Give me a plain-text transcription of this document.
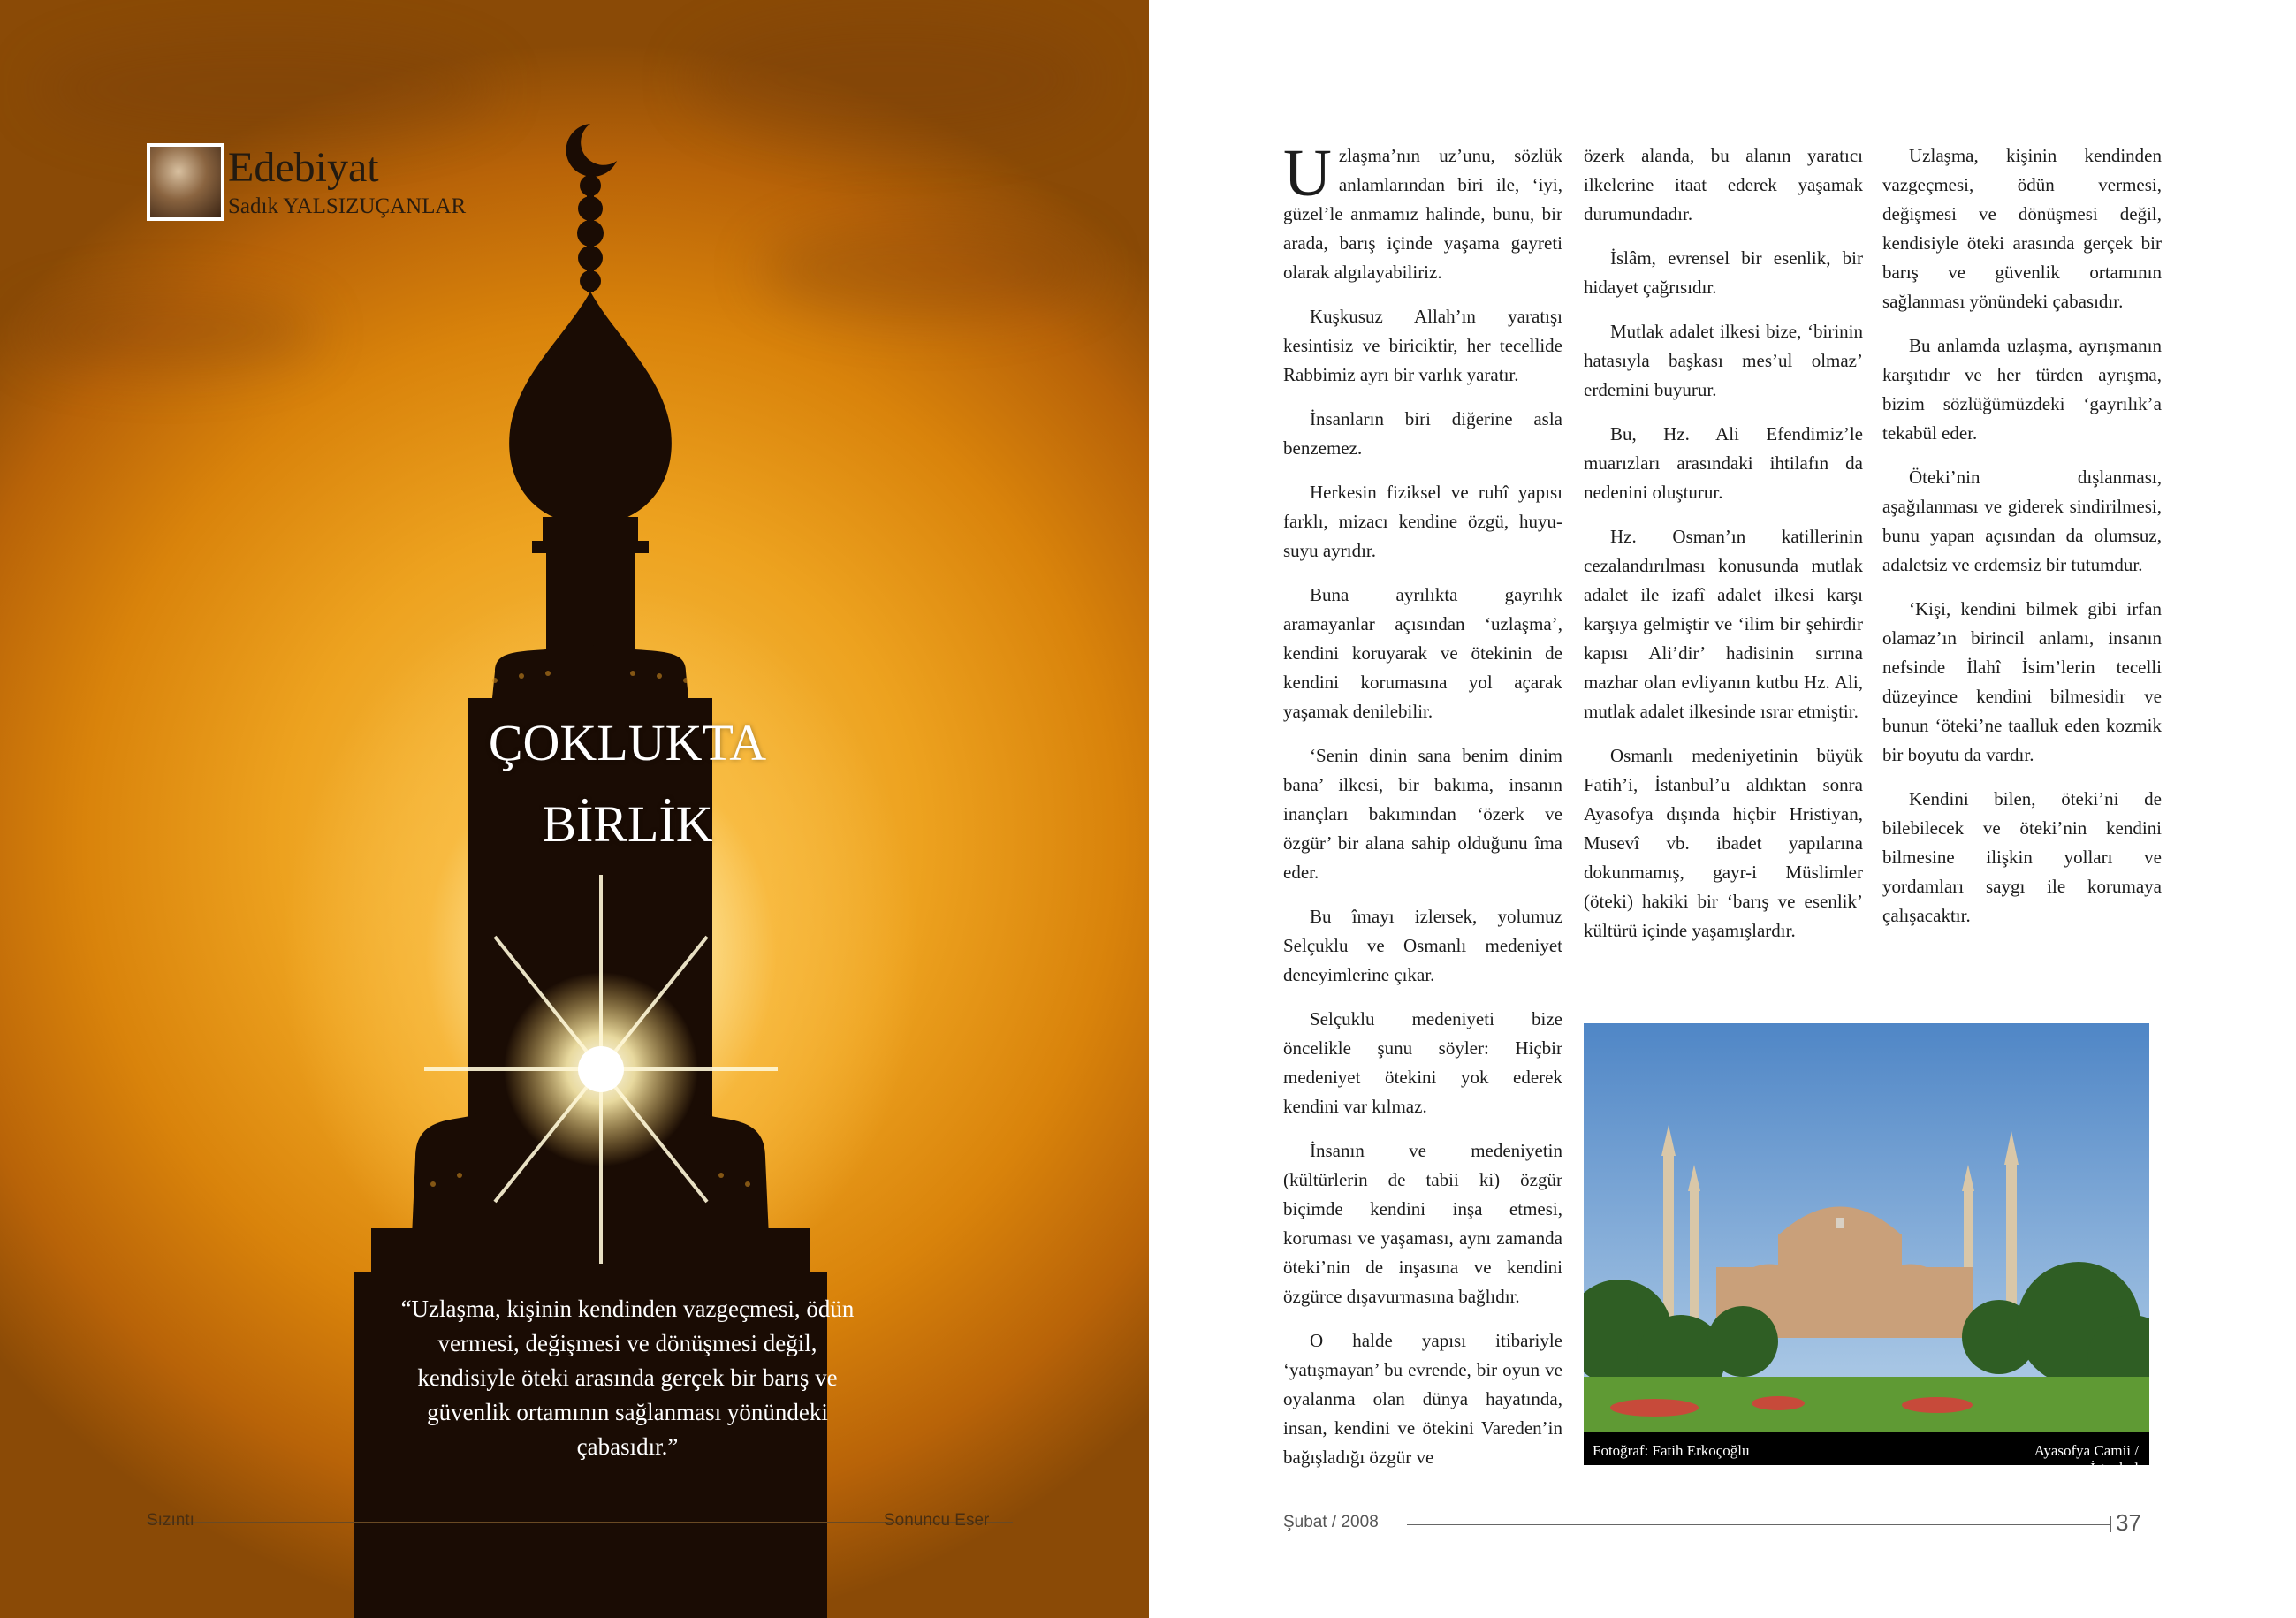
Edebiyat
Sadık YALSIZUÇANLAR
ÇOKLUKTA
BİRLİK
“Uzlaşma, kişinin kendinden vazgeçmesi, ödün vermesi, değişmesi ve dönüşmesi değil, kendisiyle öteki arasında gerçek bir barış ve güvenlik ortamının sağlanması yönündeki çabasıdır.”
Sızıntı	Sonuncu Eser

Uzlaşma’nın uz’unu, sözlük anlamlarından biri ile, ‘iyi, güzel’le anmamız halinde, bunu, bir arada, barış içinde yaşama gayreti olarak algılayabiliriz.

Kuşkusuz Allah’ın yaratışı kesintisiz ve biriciktir, her tecellide Rabbimiz ayrı bir varlık yaratır.

İnsanların biri diğerine asla benzemez.

Herkesin fiziksel ve ruhî yapısı farklı, mizacı kendine özgü, huyu-suyu ayrıdır.

Buna ayrılıkta gayrılık aramayanlar açısından ‘uzlaşma’, kendini koruyarak ve ötekinin de kendini korumasına yol açarak yaşamak denilebilir.

‘Senin dinin sana benim dinim bana’ ilkesi, bir bakıma, insanın inançları bakımından ‘özerk ve özgür’ bir alana sahip olduğunu îma eder.

Bu îmayı izlersek, yolumuz Selçuklu ve Osmanlı medeniyet deneyimlerine çıkar.

Selçuklu medeniyeti bize öncelikle şunu söyler: Hiçbir medeniyet ötekini yok ederek kendini var kılmaz.

İnsanın ve medeniyetin (kültürlerin de tabii ki) özgür biçimde kendini inşa etmesi, koruması ve yaşaması, aynı zamanda öteki’nin de inşasına ve kendini özgürce dışavurmasına bağlıdır.

O halde yapısı itibariyle ‘yatışmayan’ bu evrende, bir oyun ve oyalanma olan dünya hayatında, insan, kendini ve ötekini Vareden’in bağışladığı özgür ve

özerk alanda, bu alanın yaratıcı ilkelerine itaat ederek yaşamak durumundadır.

İslâm, evrensel bir esenlik, bir hidayet çağrısıdır.

Mutlak adalet ilkesi bize, ‘birinin hatasıyla başkası mes’ul olmaz’ erdemini buyurur.

Bu, Hz. Ali Efendimiz’le muarızları arasındaki ihtilafın da nedenini oluşturur.

Hz. Osman’ın katillerinin cezalandırılması konusunda mutlak adalet ile izafî adalet ilkesi karşı karşıya gelmiştir ve ‘ilim bir şehirdir kapısı Ali’dir’ hadisinin sırrına mazhar olan evliyanın kutbu Hz. Ali, mutlak adalet ilkesinde ısrar etmiştir.

Osmanlı medeniyetinin büyük Fatih’i, İstanbul’u aldıktan sonra Ayasofya dışında hiçbir Hristiyan, Musevî vb. ibadet yapılarına dokunmamış, gayr-i Müslimler (öteki) hakiki bir ‘barış ve esenlik’ kültürü içinde yaşamışlardır.

Uzlaşma, kişinin kendinden vazgeçmesi, ödün vermesi, değişmesi ve dönüşmesi değil, kendisiyle öteki arasında gerçek bir barış ve güvenlik ortamının sağlanması yönündeki çabasıdır.

Bu anlamda uzlaşma, ayrışmanın karşıtıdır ve her türden ayrışma, bizim sözlüğümüzdeki ‘gayrılık’a tekabül eder.

Öteki’nin dışlanması, aşağılanması ve giderek sindirilmesi, bunu yapan açısından da olumsuz, adaletsiz ve erdemsiz bir tutumdur.

‘Kişi, kendini bilmek gibi irfan olamaz’ın birincil anlamı, insanın nefsinde İlahî İsim’lerin tecelli düzeyince kendini bilmesidir ve bunun ‘öteki’ne taalluk eden kozmik bir boyutu da vardır.

Kendini bilen, öteki’ni de bilebilecek ve öteki’nin kendini bilmesine ilişkin yolları ve yordamları saygı ile korumaya çalışacaktır.

Fotoğraf: Fatih Erkoçoğlu	Ayasofya Camii / İstanbul
Şubat / 2008	37
